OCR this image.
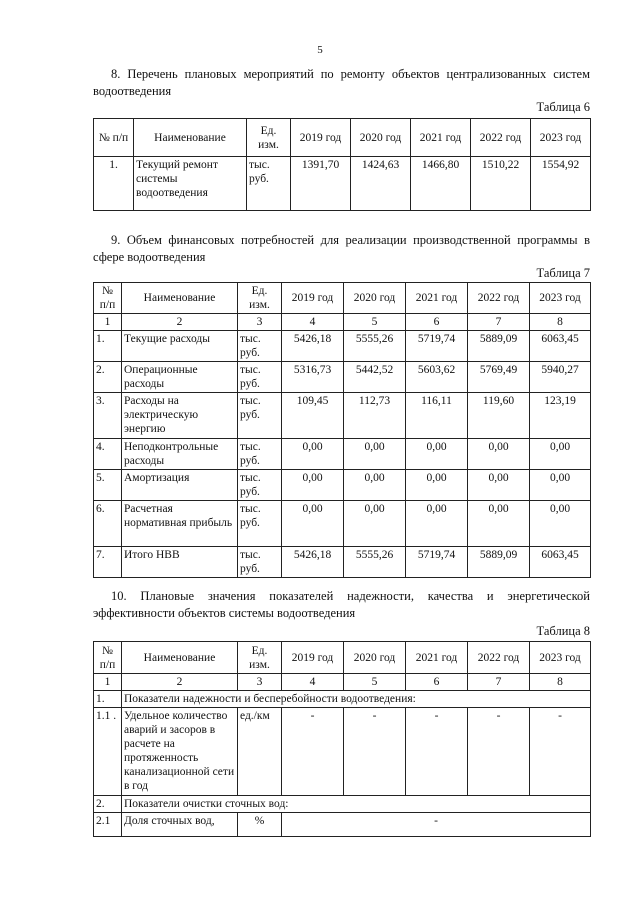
5
8. Перечень плановых мероприятий по ремонту объектов централизованных систем водоотведения
Таблица 6
№ п/п	Наименование	Ед. изм.	2019 год	2020 год	2021 год	2022 год	2023 год
1.	Текущий ремонт системы водоотведения	тыс. руб.	1391,70	1424,63	1466,80	1510,22	1554,92
9. Объем финансовых потребностей для реализации производственной программы в сфере водоотведения
Таблица 7
№ п/п	Наименование	Ед. изм.	2019 год	2020 год	2021 год	2022 год	2023 год
1	2	3	4	5	6	7	8
1.	Текущие расходы	тыс. руб.	5426,18	5555,26	5719,74	5889,09	6063,45
2.	Операционные расходы	тыс. руб.	5316,73	5442,52	5603,62	5769,49	5940,27
3.	Расходы на электрическую энергию	тыс. руб.	109,45	112,73	116,11	119,60	123,19
4.	Неподконтрольные расходы	тыс. руб.	0,00	0,00	0,00	0,00	0,00
5.	Амортизация	тыс. руб.	0,00	0,00	0,00	0,00	0,00
6.	Расчетная нормативная прибыль	тыс. руб.	0,00	0,00	0,00	0,00	0,00
7.	Итого НВВ	тыс. руб.	5426,18	5555,26	5719,74	5889,09	6063,45
10. Плановые значения показателей надежности, качества и энергетической эффективности объектов системы водоотведения
Таблица 8
№ п/п	Наименование	Ед. изм.	2019 год	2020 год	2021 год	2022 год	2023 год
1	2	3	4	5	6	7	8
1.	Показатели надежности и бесперебойности водоотведения:						
1.1 .	Удельное количество аварий и засоров в расчете на протяженность канализационной сети в год	ед./км	-	-	-	-	-
2.	Показатели очистки сточных вод:						
2.1	Доля сточных вод,	%	-				
